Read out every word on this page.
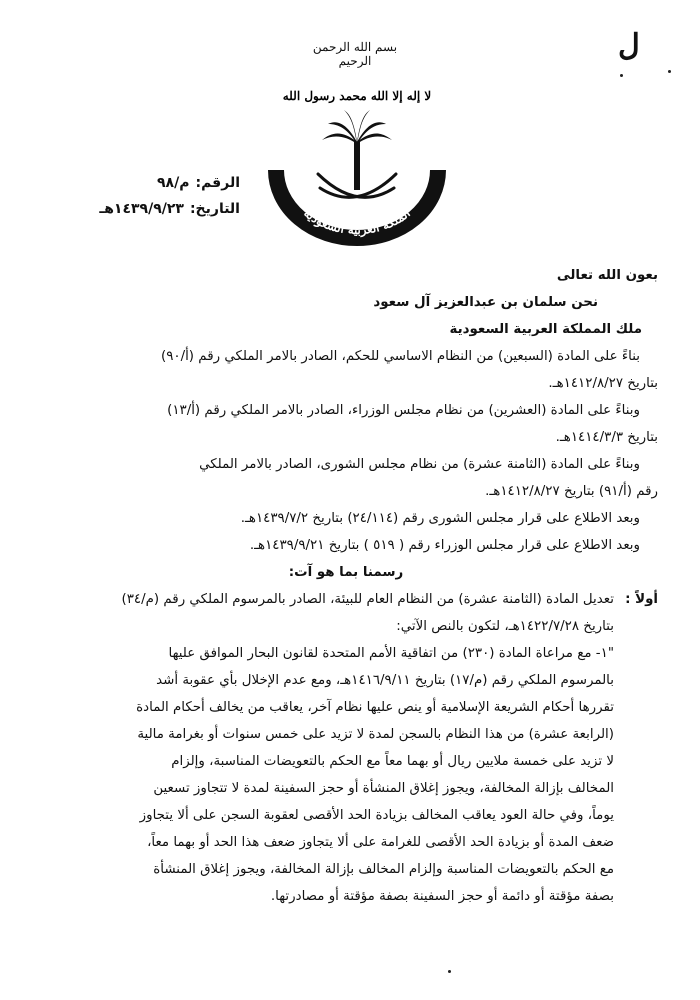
ل
بسم الله الرحمن الرحيم
لا إله إلا الله محمد رسول الله
الملكة العربية السعودية
الرقم:
م/٩٨
التاريخ:
١٤٣٩/٩/٢٣هـ

بعون الله تعالى

نحن سلمان بن عبدالعزيز آل سعود

ملك المملكة العربية السعودية

بناءً على المادة (السبعين) من النظام الاساسي للحكم، الصادر بالامر الملكي رقم (أ/٩٠)

بتاريخ ١٤١٢/٨/٢٧هـ.

وبناءً على المادة (العشرين) من نظام مجلس الوزراء، الصادر بالامر الملكي رقم (أ/١٣)

بتاريخ ١٤١٤/٣/٣هـ.

وبناءً على المادة (الثامنة عشرة) من نظام مجلس الشورى، الصادر بالامر الملكي

رقم (أ/٩١) بتاريخ ١٤١٢/٨/٢٧هـ.

وبعد الاطلاع على قرار مجلس الشورى رقم (٢٤/١١٤) بتاريخ ١٤٣٩/٧/٢هـ.

وبعد الاطلاع على قرار مجلس الوزراء رقم ( ٥١٩ ) بتاريخ ١٤٣٩/٩/٢١هـ.

رسمنا بما هو آت:

أولاً :

تعديل المادة (الثامنة عشرة) من النظام العام للبيئة، الصادر بالمرسوم الملكي رقم (م/٣٤)

بتاريخ ١٤٢٢/٧/٢٨هـ، لتكون بالنص الآتي:

"١- مع مراعاة المادة (٢٣٠) من اتفاقية الأمم المتحدة لقانون البحار الموافق عليها

بالمرسوم الملكي رقم (م/١٧) بتاريخ ١٤١٦/٩/١١هـ، ومع عدم الإخلال بأي عقوبة أشد

تقررها أحكام الشريعة الإسلامية أو ينص عليها نظام آخر، يعاقب من يخالف أحكام المادة

(الرابعة عشرة) من هذا النظام بالسجن لمدة لا تزيد على خمس سنوات أو بغرامة مالية

لا تزيد على خمسة ملايين ريال أو بهما معاً مع الحكم بالتعويضات المناسبة، وإلزام

المخالف بإزالة المخالفة، ويجوز إغلاق المنشأة أو حجز السفينة لمدة لا تتجاوز تسعين

يوماً، وفي حالة العود يعاقب المخالف بزيادة الحد الأقصى لعقوبة السجن على ألا يتجاوز

ضعف المدة أو بزيادة الحد الأقصى للغرامة على ألا يتجاوز ضعف هذا الحد أو بهما معاً،

مع الحكم بالتعويضات المناسبة وإلزام المخالف بإزالة المخالفة، ويجوز إغلاق المنشأة

بصفة مؤقتة أو دائمة أو حجز السفينة بصفة مؤقتة أو مصادرتها.
